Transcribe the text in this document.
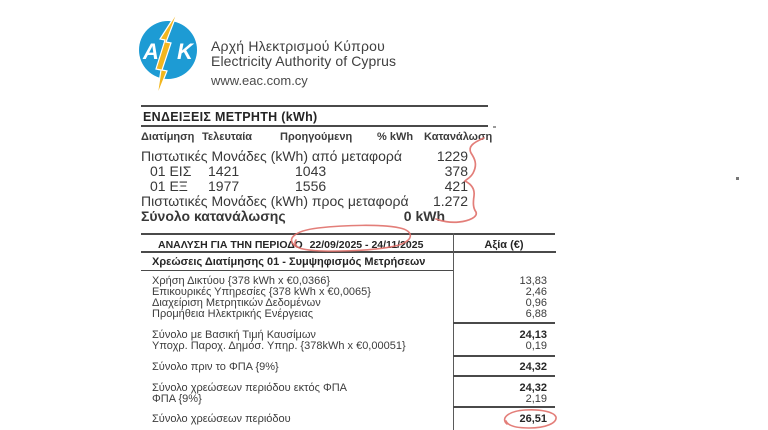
A K Αρχή Ηλεκτρισμού Κύπρου
Electricity Authority of Cyprus
www.eac.com.cy
ΕΝΔΕΙΞΕΙΣ ΜΕΤΡΗΤΗ (kWh)
Διατίμηση Τελευταία	Προηγούμενη % kWh Κατανάλωση
Πιστωτικές Μονάδες (kWh) από μεταφορά	1229
01 ΕΙΣ 1421	1043	378
01 ΕΞ 1977	1556	421
Πιστωτικές Μονάδες (kWh) προς μεταφορά	1.272
Σύνολο κατανάλωσης	0 kWh
ΑΝΑΛΥΣΗ ΓΙΑ ΤΗΝ ΠΕΡΙΟΔΟ 22/09/2025 - 24/11/2025	Αξία (€)
Χρεώσεις Διατίμησης 01 - Συμψηφισμός Μετρήσεων
Χρήση Δικτύου {378 kWh x €0,0366}	13,83
Επικουρικές Υπηρεσίες {378 kWh x €0,0065}	2,46
Διαχείριση Μετρητικών Δεδομένων	0,96
Προμήθεια Ηλεκτρικής Ενέργειας	6,88
Σύνολο με Βασική Τιμή Καυσίμων	24,13
Υποχρ. Παροχ. Δημόσ. Υπηρ. {378kWh x €0,00051}	0,19
Σύνολο πριν το ΦΠΑ {9%}	24,32
Σύνολο χρεώσεων περιόδου εκτός ΦΠΑ	24,32
ΦΠΑ {9%}	2,19
Σύνολο χρεώσεων περιόδου	26,51
